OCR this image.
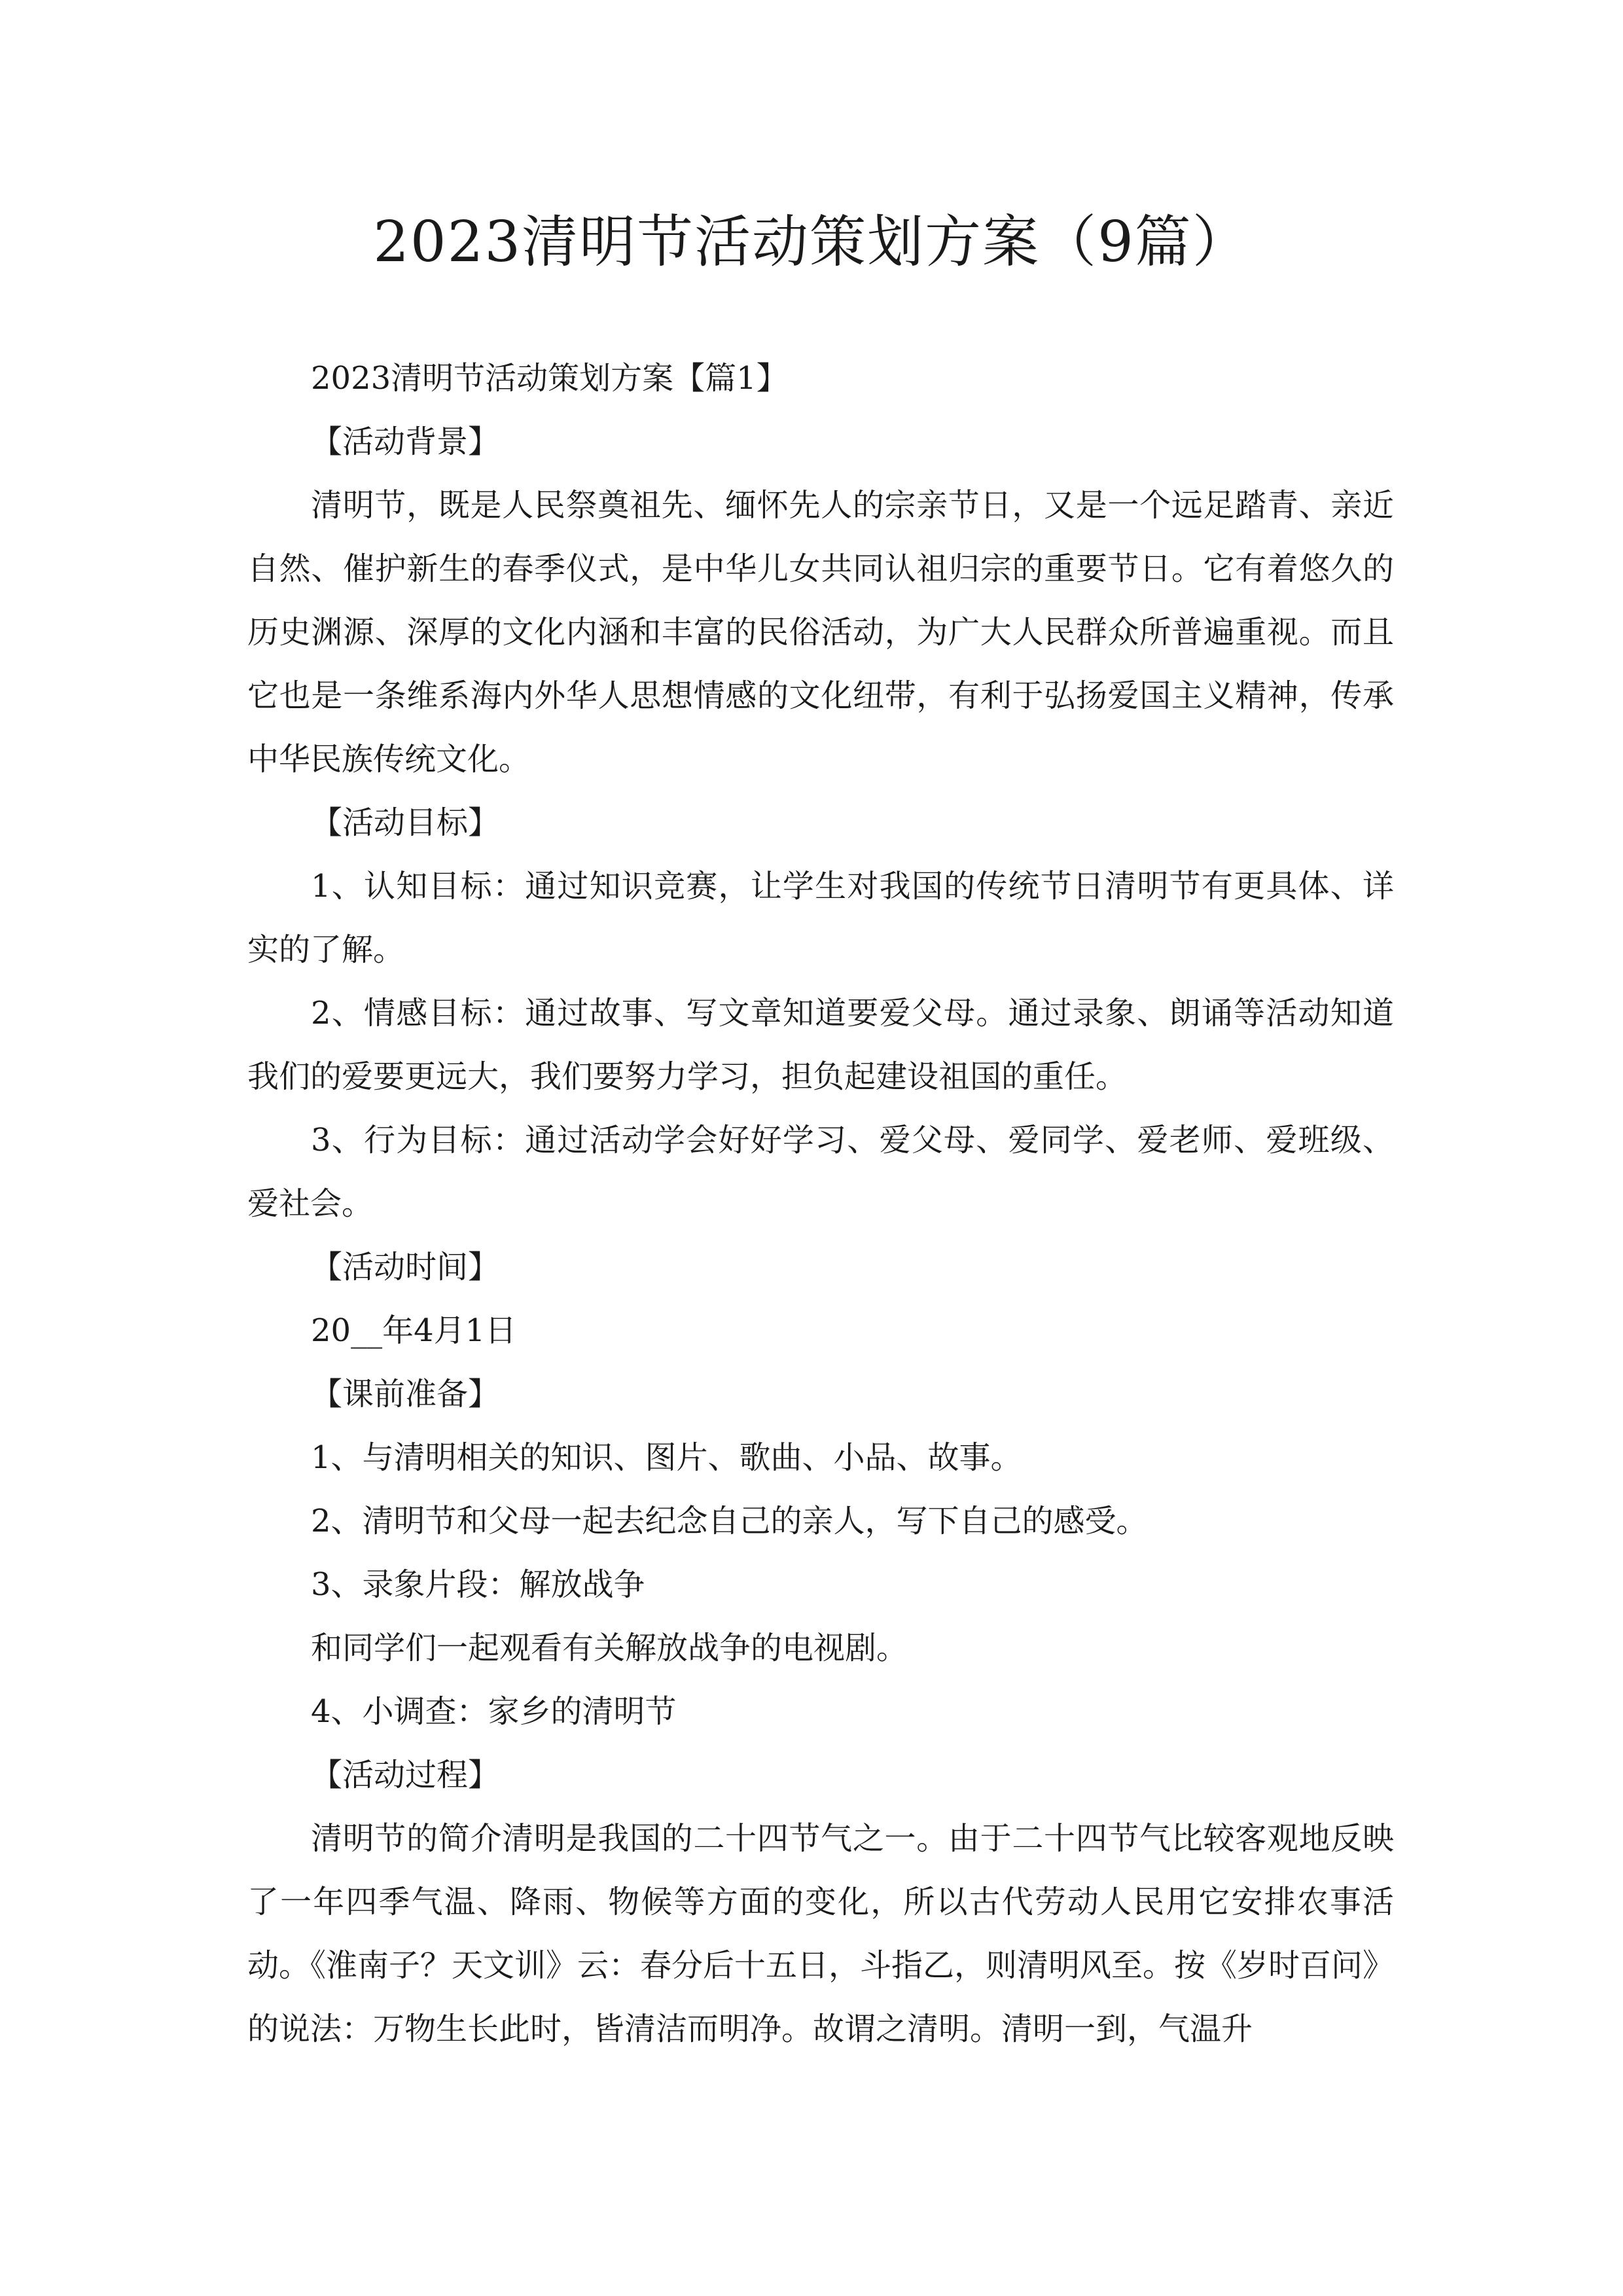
2023清明节活动策划方案（9篇）

2023清明节活动策划方案【篇1】

【活动背景】

清明节，既是人民祭奠祖先、缅怀先人的宗亲节日，又是一个远足踏青、亲近自然、催护新生的春季仪式，是中华儿女共同认祖归宗的重要节日。它有着悠久的历史渊源、深厚的文化内涵和丰富的民俗活动，为广大人民群众所普遍重视。而且它也是一条维系海内外华人思想情感的文化纽带，有利于弘扬爱国主义精神，传承中华民族传统文化。

【活动目标】

1、认知目标：通过知识竞赛，让学生对我国的传统节日清明节有更具体、详实的了解。

2、情感目标：通过故事、写文章知道要爱父母。通过录象、朗诵等活动知道我们的爱要更远大，我们要努力学习，担负起建设祖国的重任。

3、行为目标：通过活动学会好好学习、爱父母、爱同学、爱老师、爱班级、爱社会。

【活动时间】

20__年4月1日

【课前准备】

1、与清明相关的知识、图片、歌曲、小品、故事。

2、清明节和父母一起去纪念自己的亲人，写下自己的感受。

3、录象片段：解放战争

和同学们一起观看有关解放战争的电视剧。

4、小调查：家乡的清明节

【活动过程】

清明节的简介清明是我国的二十四节气之一。由于二十四节气比较客观地反映了一年四季气温、降雨、物候等方面的变化，所以古代劳动人民用它安排农事活动。《淮南子？天文训》云：春分后十五日，斗指乙，则清明风至。按《岁时百问》的说法：万物生长此时，皆清洁而明净。故谓之清明。清明一到，气温升
